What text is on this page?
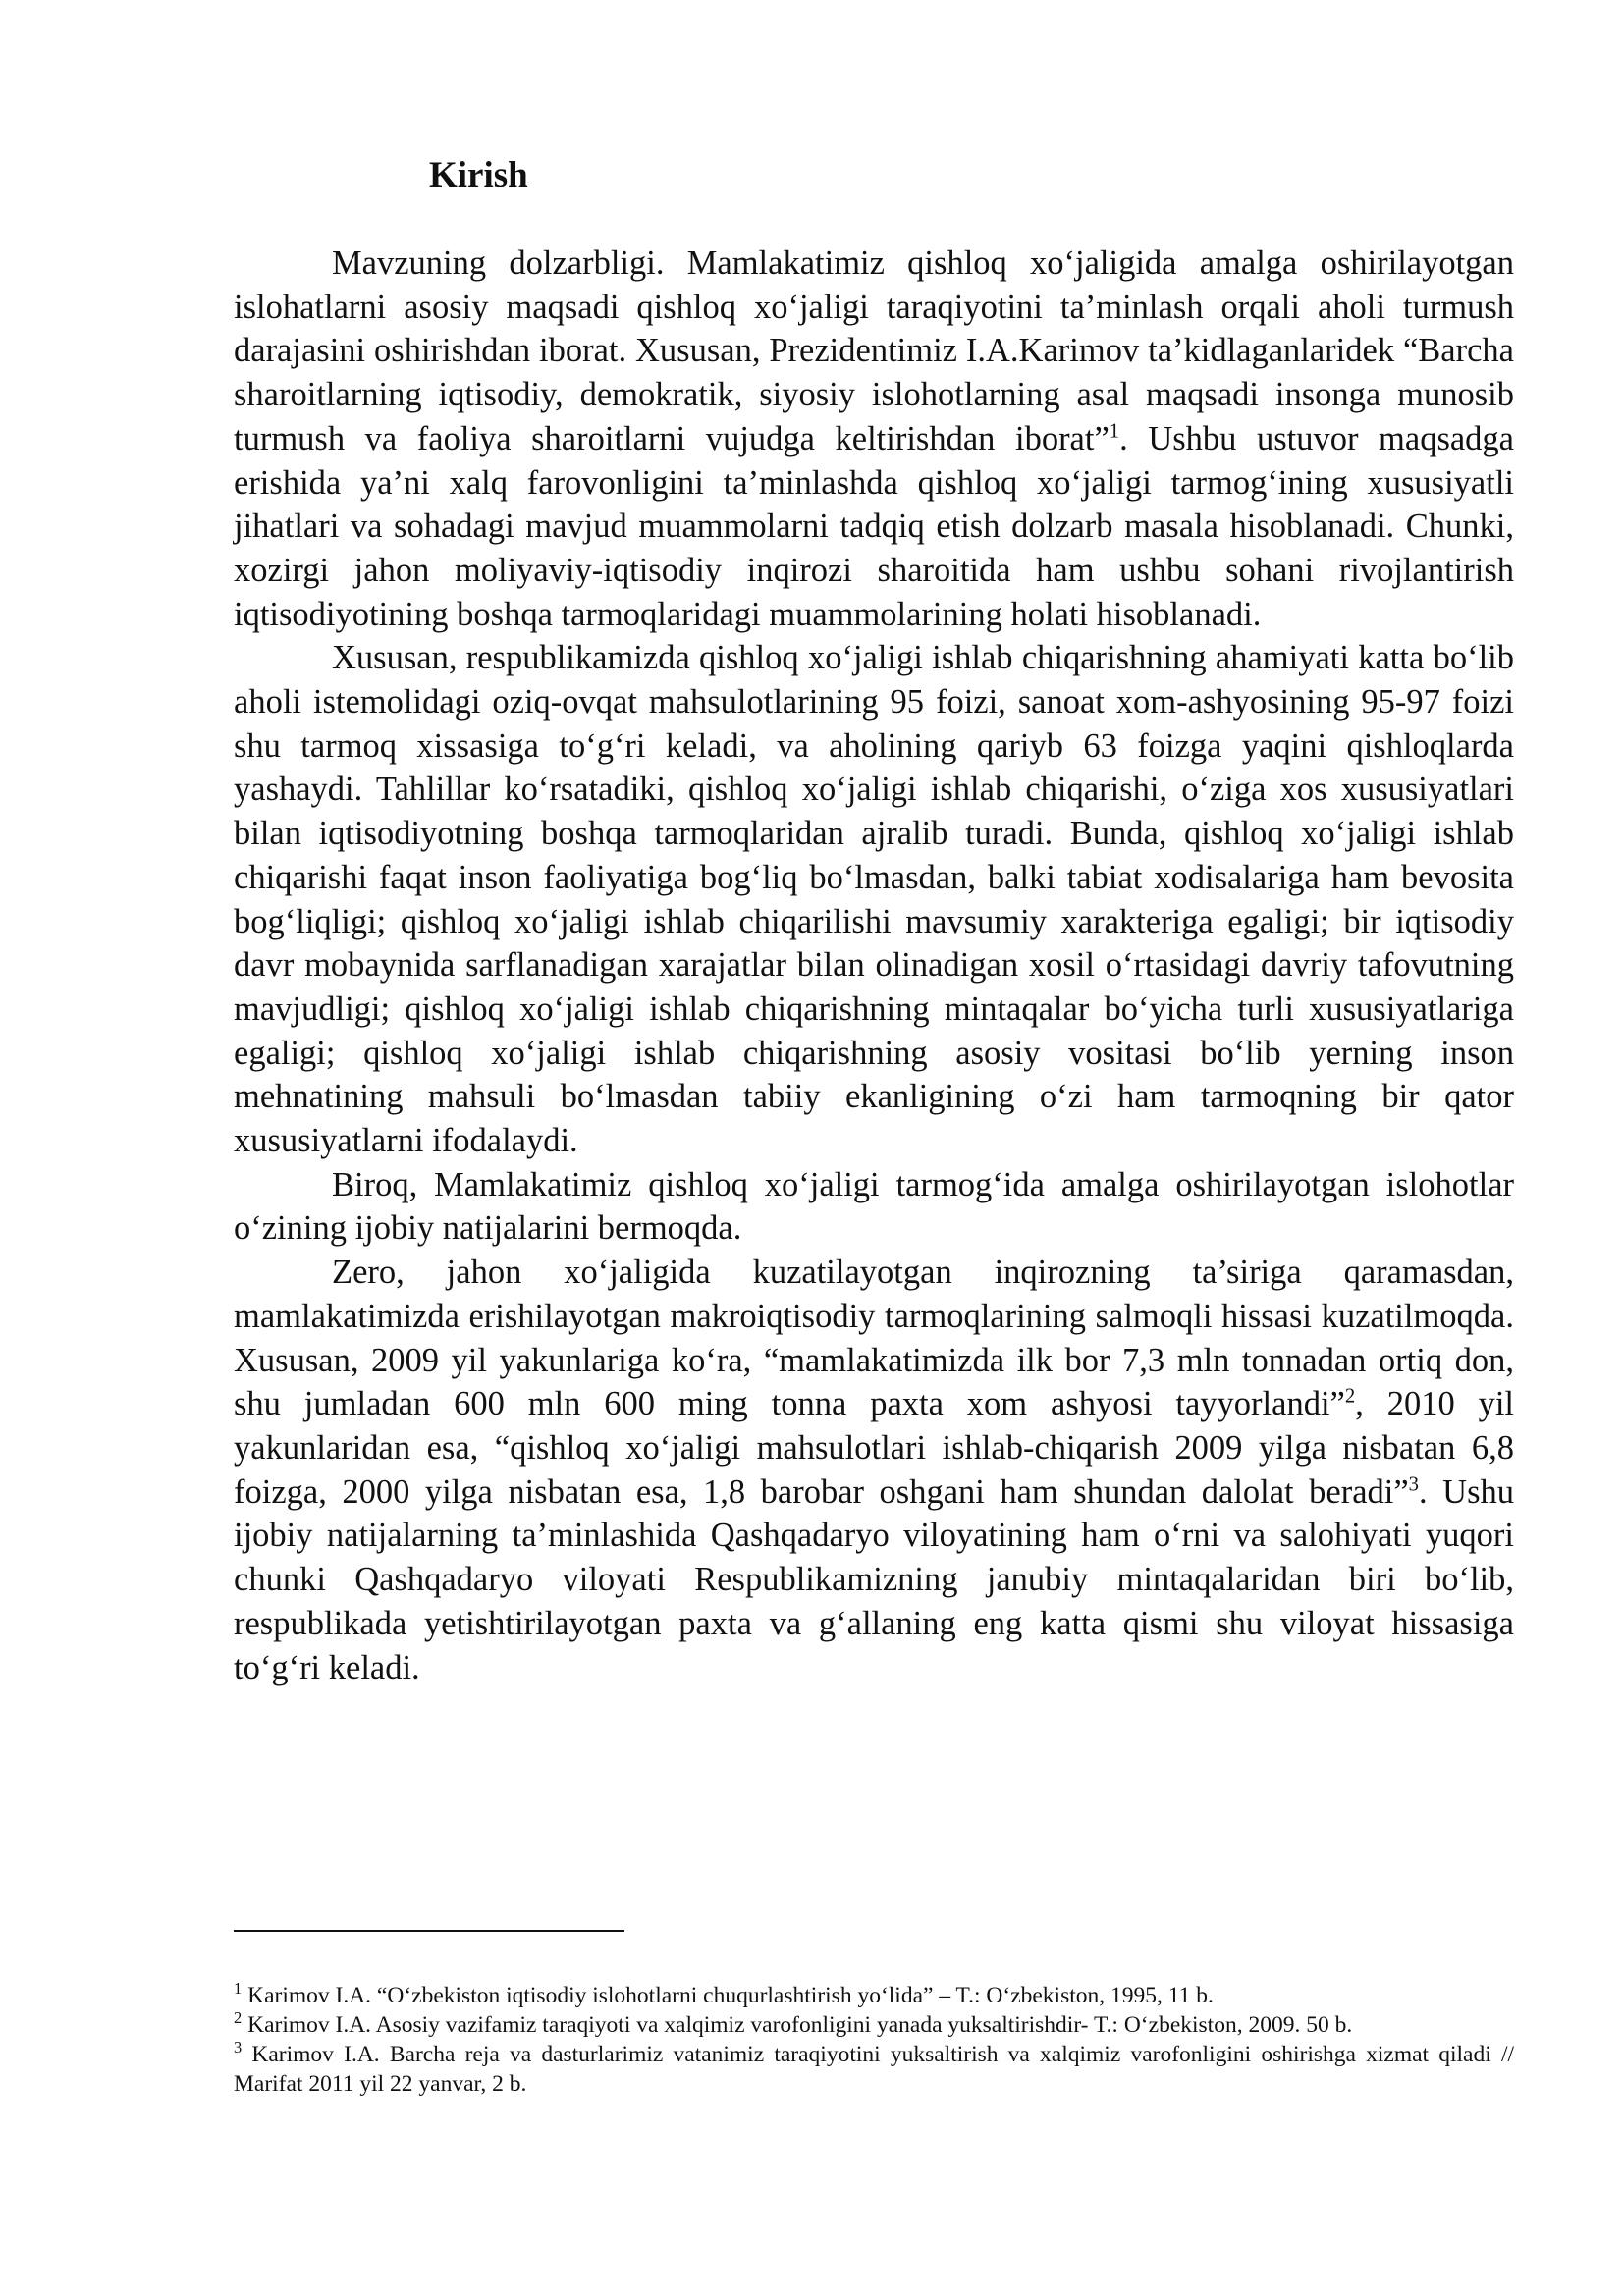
Kirish

Mavzuning dolzarbligi. Mamlakatimiz qishloq xo‘jaligida amalga oshirilayotgan islohatlarni asosiy maqsadi qishloq xo‘jaligi taraqiyotini ta’minlash orqali aholi turmush darajasini oshirishdan iborat. Xususan, Prezidentimiz I.A.Karimov ta’kidlaganlaridek “Barcha sharoitlarning iqtisodiy, demokratik, siyosiy islohotlarning asal maqsadi insonga munosib turmush va faoliya sharoitlarni vujudga keltirishdan iborat”$^1$. Ushbu ustuvor maqsadga erishida ya’ni xalq farovonligini ta’minlashda qishloq xo‘jaligi tarmog‘ining xususiyatli jihatlari va sohadagi mavjud muammolarni tadqiq etish dolzarb masala hisoblanadi. Chunki, xozirgi jahon moliyaviy-iqtisodiy inqirozi sharoitida ham ushbu sohani rivojlantirish iqtisodiyotining boshqa tarmoqlaridagi muammolarining holati hisoblanadi.

Xususan, respublikamizda qishloq xo‘jaligi ishlab chiqarishning ahamiyati katta bo‘lib aholi istemolidagi oziq-ovqat mahsulotlarining 95 foizi, sanoat xom-ashyosining 95-97 foizi shu tarmoq xissasiga to‘g‘ri keladi, va aholining qariyb 63 foizga yaqini qishloqlarda yashaydi. Tahlillar ko‘rsatadiki, qishloq xo‘jaligi ishlab chiqarishi, o‘ziga xos xususiyatlari bilan iqtisodiyotning boshqa tarmoqlaridan ajralib turadi. Bunda, qishloq xo‘jaligi ishlab chiqarishi faqat inson faoliyatiga bog‘liq bo‘lmasdan, balki tabiat xodisalariga ham bevosita bog‘liqligi; qishloq xo‘jaligi ishlab chiqarilishi mavsumiy xarakteriga egaligi; bir iqtisodiy davr mobaynida sarflanadigan xarajatlar bilan olinadigan xosil o‘rtasidagi davriy tafovutning mavjudligi; qishloq xo‘jaligi ishlab chiqarishning mintaqalar bo‘yicha turli xususiyatlariga egaligi; qishloq xo‘jaligi ishlab chiqarishning asosiy vositasi bo‘lib yerning inson mehnatining mahsuli bo‘lmasdan tabiiy ekanligining o‘zi ham tarmoqning bir qator xususiyatlarni ifodalaydi.

Biroq, Mamlakatimiz qishloq xo‘jaligi tarmog‘ida amalga oshirilayotgan islohotlar o‘zining ijobiy natijalarini bermoqda.

Zero, jahon xo‘jaligida kuzatilayotgan inqirozning ta’siriga qaramasdan, mamlakatimizda erishilayotgan makroiqtisodiy tarmoqlarining salmoqli hissasi kuzatilmoqda. Xususan, 2009 yil yakunlariga ko‘ra, “mamlakatimizda ilk bor 7,3 mln tonnadan ortiq don, shu jumladan 600 mln 600 ming tonna paxta xom ashyosi tayyorlandi”$^2$, 2010 yil yakunlaridan esa, “qishloq xo‘jaligi mahsulotlari ishlab-chiqarish 2009 yilga nisbatan 6,8 foizga, 2000 yilga nisbatan esa, 1,8 barobar oshgani ham shundan dalolat beradi”$^3$. Ushu ijobiy natijalarning ta’minlashida Qashqadaryo viloyatining ham o‘rni va salohiyati yuqori chunki Qashqadaryo viloyati Respublikamizning janubiy mintaqalaridan biri bo‘lib, respublikada yetishtirilayotgan paxta va g‘allaning eng katta qismi shu viloyat hissasiga to‘g‘ri keladi.

$^1$ Karimov I.A. “O‘zbekiston iqtisodiy islohotlarni chuqurlashtirish yo‘lida” – T.: O‘zbekiston, 1995, 11 b.

$^2$ Karimov I.A. Asosiy vazifamiz taraqiyoti va xalqimiz varofonligini yanada yuksaltirishdir- T.: O‘zbekiston, 2009. 50 b.

$^3$ Karimov I.A. Barcha reja va dasturlarimiz vatanimiz taraqiyotini yuksaltirish va xalqimiz varofonligini oshirishga xizmat qiladi // Marifat 2011 yil 22 yanvar, 2 b.
